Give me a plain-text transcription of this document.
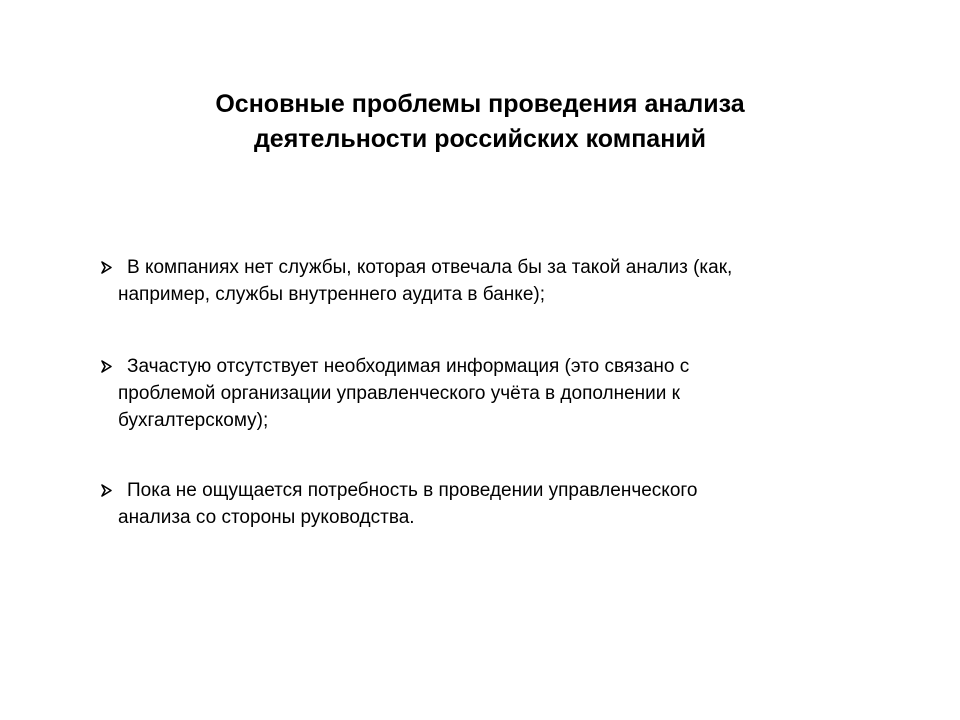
Основные проблемы проведения анализа
деятельности российских компаний
В компаниях нет службы, которая отвечала бы за такой анализ (как,
например, службы внутреннего аудита в банке);
Зачастую отсутствует необходимая информация (это связано с
проблемой организации управленческого учёта в дополнении к
бухгалтерскому);
Пока не ощущается потребность в проведении управленческого
анализа со стороны руководства.
